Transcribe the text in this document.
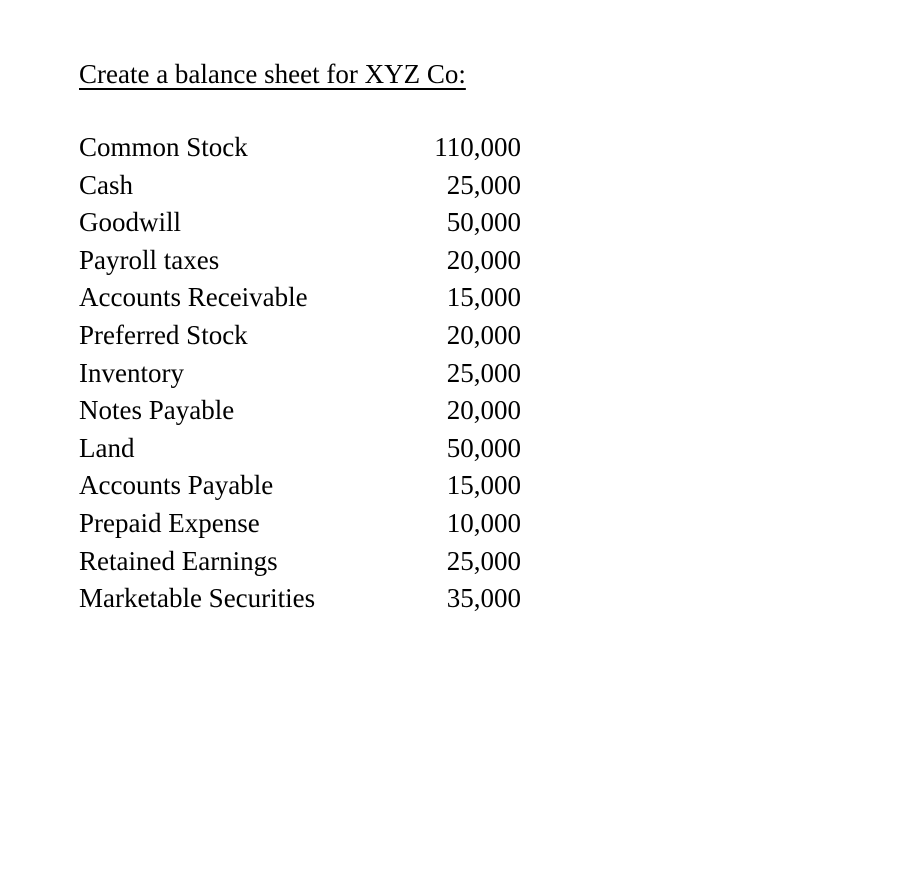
Create a balance sheet for XYZ Co:
Common Stock	110,000
Cash	25,000
Goodwill	50,000
Payroll taxes	20,000
Accounts Receivable	15,000
Preferred Stock	20,000
Inventory	25,000
Notes Payable	20,000
Land	50,000
Accounts Payable	15,000
Prepaid Expense	10,000
Retained Earnings	25,000
Marketable Securities	35,000
